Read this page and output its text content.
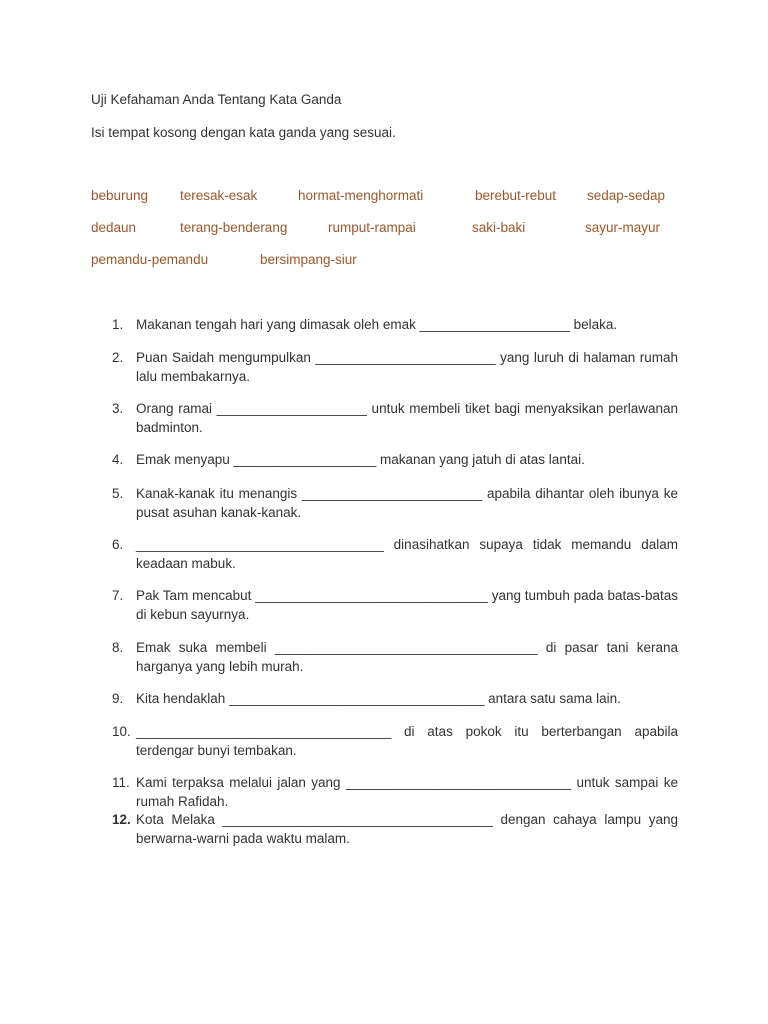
Uji Kefahaman Anda Tentang Kata Ganda
Isi tempat kosong dengan kata ganda yang sesuai.
beburung teresak-esak	hormat-menghormati	berebut-rebut sedap-sedap
dedaun	terang-benderang	rumput-rampai	saki-baki	sayur-mayur
pemandu-pemandu	bersimpang-siur
1. Makanan tengah hari yang dimasak oleh emak ____________________ belaka.
2. Puan Saidah mengumpulkan ________________________ yang luruh di halaman rumah lalu membakarnya.
3. Orang ramai ____________________ untuk membeli tiket bagi menyaksikan perlawanan badminton.
4. Emak menyapu ___________________ makanan yang jatuh di atas lantai.
5. Kanak-kanak itu menangis ________________________ apabila dihantar oleh ibunya ke pusat asuhan kanak-kanak.
6. _________________________________ dinasihatkan supaya tidak memandu dalam keadaan mabuk.
7. Pak Tam mencabut _______________________________ yang tumbuh pada batas-batas di kebun sayurnya.
8. Emak suka membeli ___________________________________ di pasar tani kerana harganya yang lebih murah.
9. Kita hendaklah __________________________________ antara satu sama lain.
10. __________________________________ di atas pokok itu berterbangan apabila terdengar bunyi tembakan.
11. Kami terpaksa melalui jalan yang ______________________________ untuk sampai ke rumah Rafidah.
12. Kota Melaka ____________________________________ dengan cahaya lampu yang berwarna-warni pada waktu malam.
